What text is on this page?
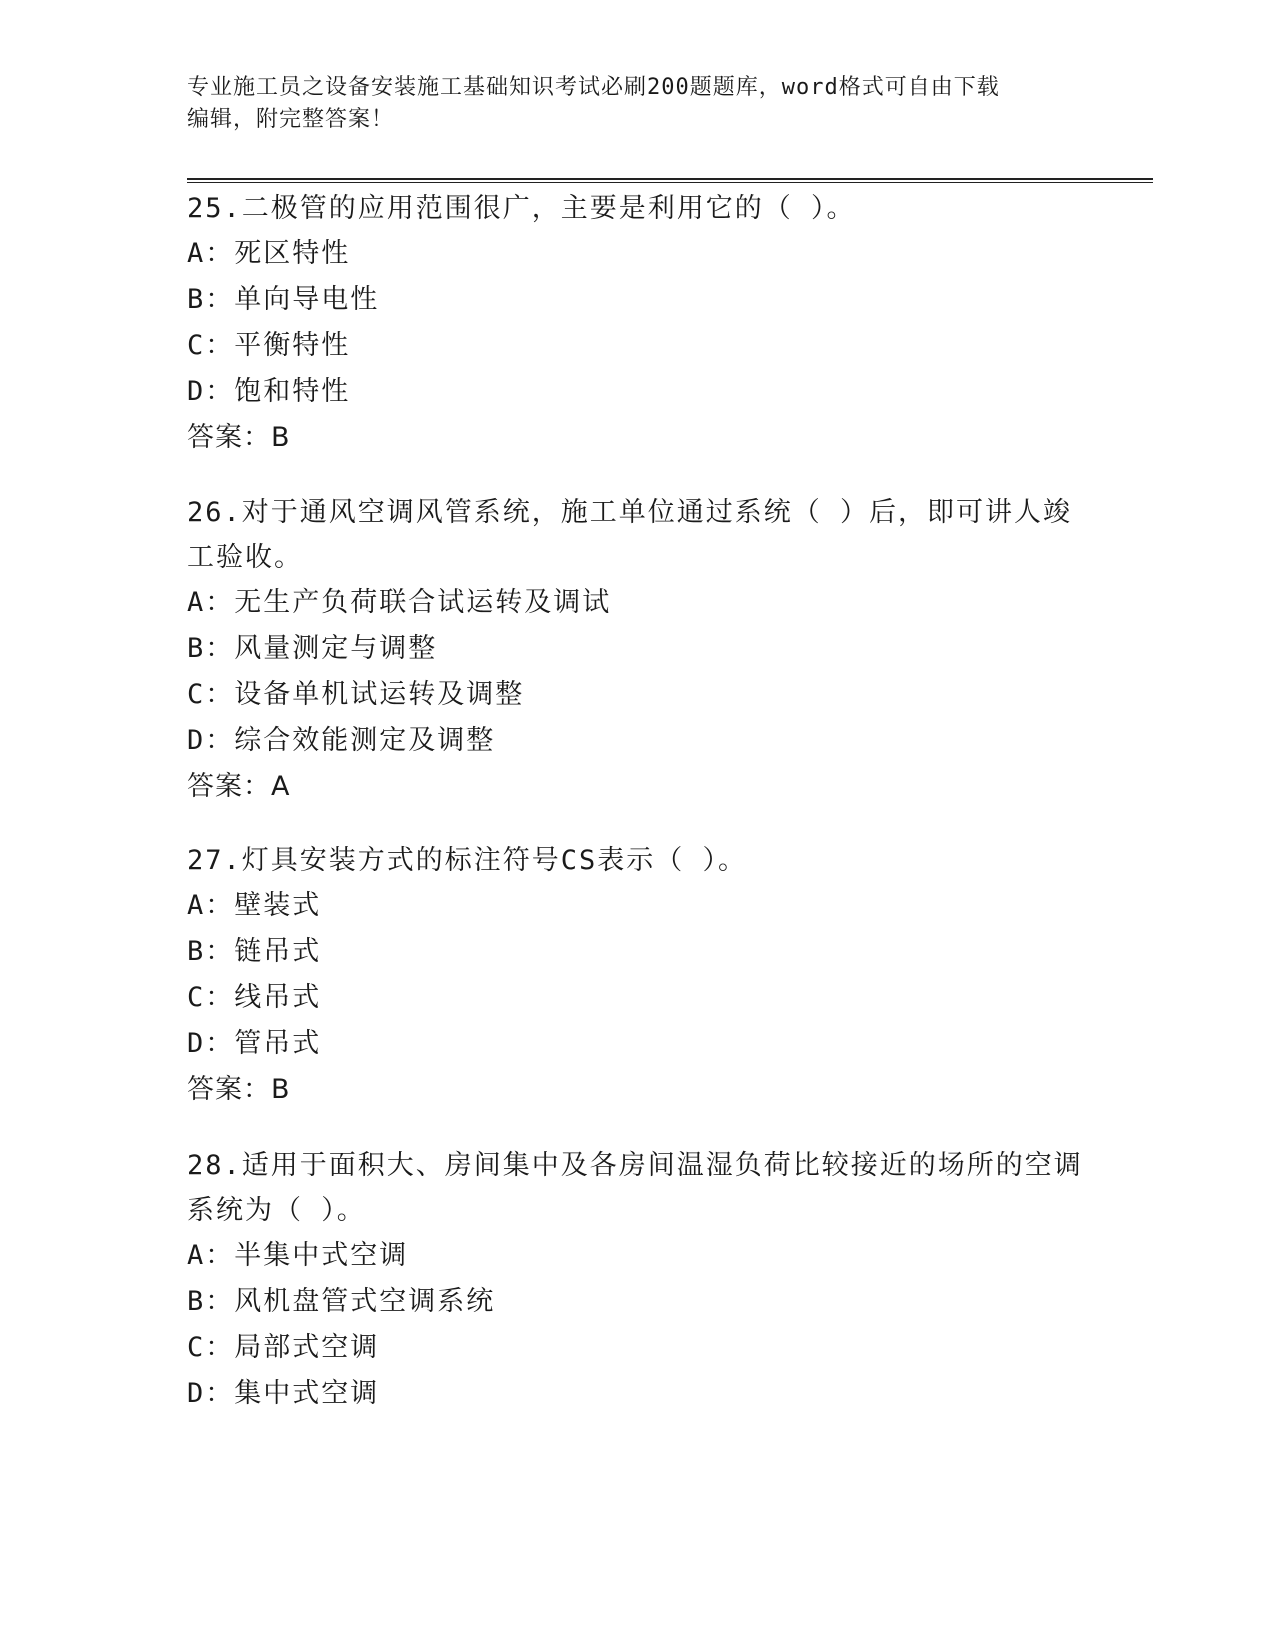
专业施工员之设备安装施工基础知识考试必刷200题题库，word格式可自由下载
编辑，附完整答案！
25.二极管的应用范围很广，主要是利用它的（ ）。
A：死区特性
B：单向导电性
C：平衡特性
D：饱和特性
答案：B
26.对于通风空调风管系统，施工单位通过系统（ ）后，即可讲人竣
工验收。
A：无生产负荷联合试运转及调试
B：风量测定与调整
C：设备单机试运转及调整
D：综合效能测定及调整
答案：A
27.灯具安装方式的标注符号CS表示（ ）。
A：壁装式
B：链吊式
C：线吊式
D：管吊式
答案：B
28.适用于面积大、房间集中及各房间温湿负荷比较接近的场所的空调
系统为（ ）。
A：半集中式空调
B：风机盘管式空调系统
C：局部式空调
D：集中式空调
